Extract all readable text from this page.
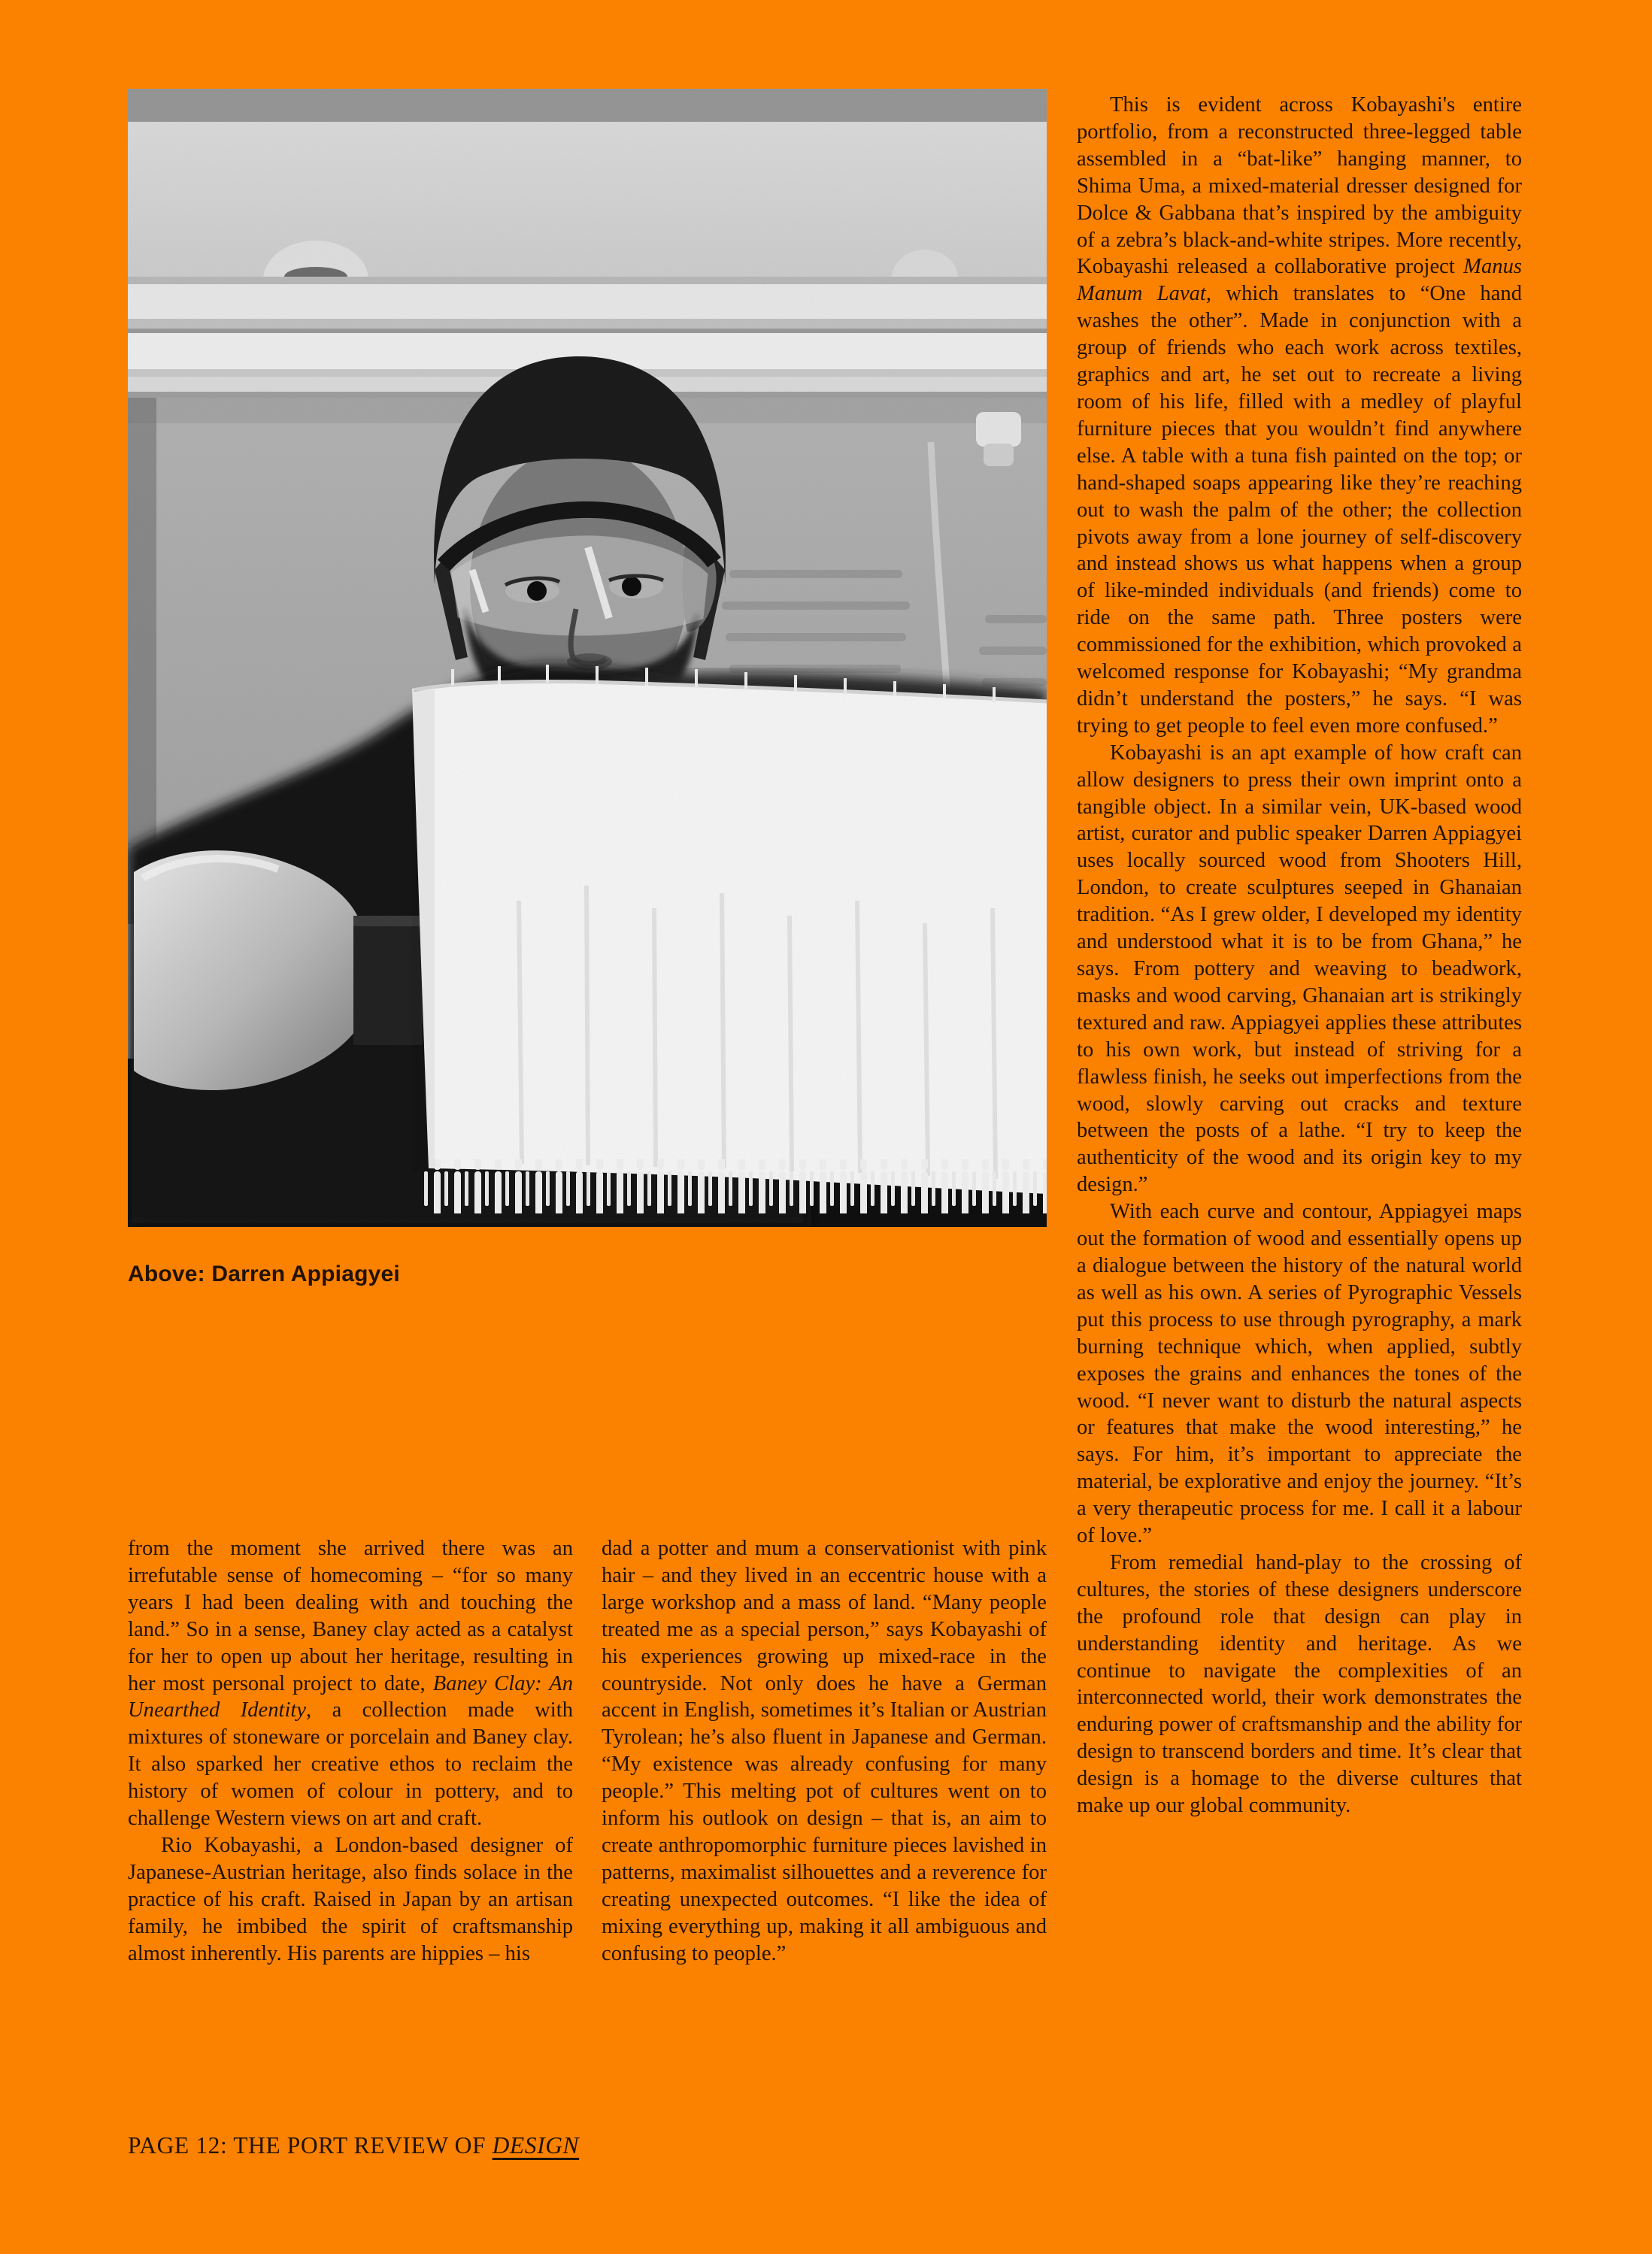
Above: Darren Appiagyei

from the moment she arrived there was an irrefutable sense of homecoming – “for so many years I had been dealing with and touching the land.” So in a sense, Baney clay acted as a catalyst for her to open up about her heritage, resulting in her most personal project to date, Baney Clay: An Unearthed Identity, a collection made with mixtures of stoneware or porcelain and Baney clay. It also sparked her creative ethos to reclaim the history of women of colour in pottery, and to challenge Western views on art and craft.

Rio Kobayashi, a London-based designer of Japanese-Austrian heritage, also finds solace in the practice of his craft. Raised in Japan by an artisan family, he imbibed the spirit of craftsmanship almost inherently. His parents are hippies – his

dad a potter and mum a conservationist with pink hair – and they lived in an eccentric house with a large workshop and a mass of land. “Many people treated me as a special person,” says Kobayashi of his experiences growing up mixed-race in the countryside. Not only does he have a German accent in English, sometimes it’s Italian or Austrian Tyrolean; he’s also fluent in Japanese and German. “My existence was already confusing for many people.” This melting pot of cultures went on to inform his outlook on design – that is, an aim to create anthropomorphic furniture pieces lavished in patterns, maximalist silhouettes and a reverence for creating unexpected outcomes. “I like the idea of mixing everything up, making it all ambiguous and confusing to people.”

This is evident across Kobayashi's entire portfolio, from a reconstructed three-legged table assembled in a “bat-like” hanging manner, to Shima Uma, a mixed-material dresser designed for Dolce & Gabbana that’s inspired by the ambiguity of a zebra’s black-and-white stripes. More recently, Kobayashi released a collaborative project Manus Manum Lavat, which translates to “One hand washes the other”. Made in conjunction with a group of friends who each work across textiles, graphics and art, he set out to recreate a living room of his life, filled with a medley of playful furniture pieces that you wouldn’t find anywhere else. A table with a tuna fish painted on the top; or hand-shaped soaps appearing like they’re reaching out to wash the palm of the other; the collection pivots away from a lone journey of self-discovery and instead shows us what happens when a group of like-minded individuals (and friends) come to ride on the same path. Three posters were commissioned for the exhibition, which provoked a welcomed response for Kobayashi; “My grandma didn’t understand the posters,” he says. “I was trying to get people to feel even more confused.”

Kobayashi is an apt example of how craft can allow designers to press their own imprint onto a tangible object. In a similar vein, UK-based wood artist, curator and public speaker Darren Appiagyei uses locally sourced wood from Shooters Hill, London, to create sculptures seeped in Ghanaian tradition. “As I grew older, I developed my identity and understood what it is to be from Ghana,” he says. From pottery and weaving to beadwork, masks and wood carving, Ghanaian art is strikingly textured and raw. Appiagyei applies these attributes to his own work, but instead of striving for a flawless finish, he seeks out imperfections from the wood, slowly carving out cracks and texture between the posts of a lathe. “I try to keep the authenticity of the wood and its origin key to my design.”

With each curve and contour, Appiagyei maps out the formation of wood and essentially opens up a dialogue between the history of the natural world as well as his own. A series of Pyrographic Vessels put this process to use through pyrography, a mark burning technique which, when applied, subtly exposes the grains and enhances the tones of the wood. “I never want to disturb the natural aspects or features that make the wood interesting,” he says. For him, it’s important to appreciate the material, be explorative and enjoy the journey. “It’s a very therapeutic process for me. I call it a labour of love.”

From remedial hand-play to the crossing of cultures, the stories of these designers underscore the profound role that design can play in understanding identity and heritage. As we continue to navigate the complexities of an interconnected world, their work demonstrates the enduring power of craftsmanship and the ability for design to transcend borders and time. It’s clear that design is a homage to the diverse cultures that make up our global community.

PAGE 12: THE PORT REVIEW OF DESIGN
